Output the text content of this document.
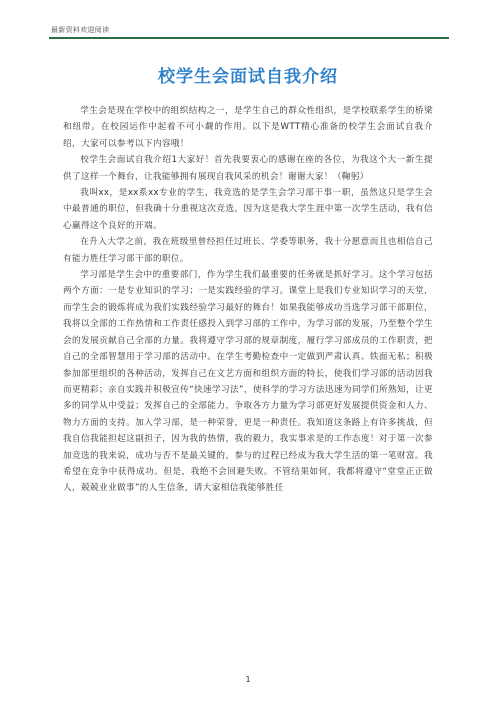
最新资料欢迎阅读
校学生会面试自我介绍

学生会是现在学校中的组织结构之一，是学生自己的群众性组织，是学校联系学生的桥梁和纽带。在校园运作中起着不可小觑的作用。以下是WTT精心准备的校学生会面试自我介绍，大家可以参考以下内容哦！

校学生会面试自我介绍1大家好！首先我要衷心的感谢在座的各位，为我这个大一新生提供了这样一个舞台，让我能够拥有展现自我风采的机会！谢谢大家！（鞠躬）

我叫xx，是xx系xx专业的学生，我竞选的是学生会学习部干事一职，虽然这只是学生会中最普通的职位，但我确十分重视这次竞选，因为这是我大学生涯中第一次学生活动，我有信心赢得这个良好的开端。

在升入大学之前，我在班级里曾经担任过班长、学委等职务，我十分愿意而且也相信自己有能力胜任学习部干部的职位。

学习部是学生会中的重要部门，作为学生我们最重要的任务就是抓好学习。这个学习包括两个方面：一是专业知识的学习；一是实践经验的学习。课堂上是我们专业知识学习的天堂，而学生会的锻炼将成为我们实践经验学习最好的舞台！如果我能够成功当选学习部干部职位，我将以全部的工作热情和工作责任感投入到学习部的工作中，为学习部的发展，乃至整个学生会的发展贡献自己全部的力量。我将遵守学习部的规章制度，履行学习部成员的工作职责，把自己的全部智慧用于学习部的活动中。在学生考勤检查中一定做到严肃认真、铁面无私；积极参加部里组织的各种活动，发挥自己在文艺方面和组织方面的特长，使我们学习部的活动因我而更精彩；亲自实践并积极宣传“快速学习法”，使科学的学习方法迅速为同学们所熟知，让更多的同学从中受益；发挥自己的全部能力，争取各方力量为学习部更好发展提供资金和人力、物力方面的支持。加入学习部，是一种荣誉，更是一种责任。我知道这条路上有许多挑战，但我自信我能担起这副担子，因为我的热情，我的毅力，我实事求是的工作态度！对于第一次参加竞选的我来说，成功与否不是最关键的，参与的过程已经成为我大学生活的第一笔财富。我希望在竞争中获得成功。但是，我绝不会回避失败。不管结果如何，我都将遵守“堂堂正正做人，兢兢业业做事”的人生信条，请大家相信我能够胜任

1
